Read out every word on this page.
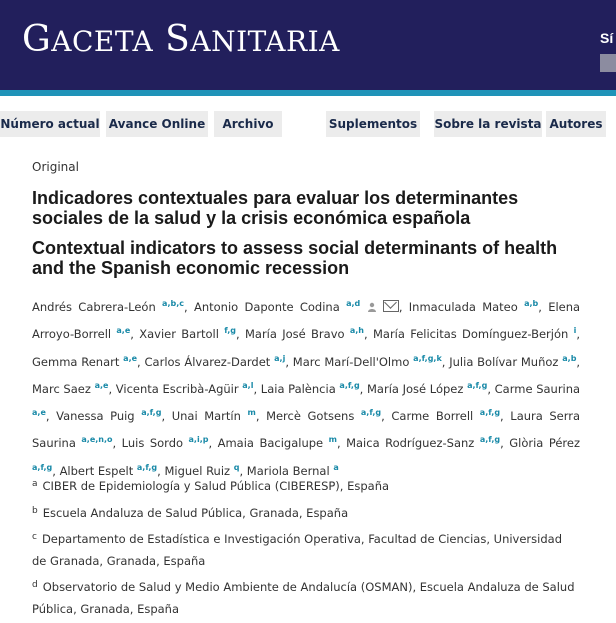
GACETA SANITARIA	Sí
Número actual Avance Online	Archivo	Suplementos Sobre la revista Autores
Original
Indicadores contextuales para evaluar los determinantes sociales de la salud y la crisis económica española
Contextual indicators to assess social determinants of health and the Spanish economic recession
Andrés Cabrera-León $^{a,b,c}$, Antonio Daponte Codina $^{a,d}$	, Inmaculada Mateo $^{a,b}$, Elena Arroyo-Borrell $^{a,e}$, Xavier Bartoll $^{f,g}$, María José Bravo $^{a,h}$, María Felicitas Domínguez-Berjón $^i$, Gemma Renart $^{a,e}$, Carlos Álvarez-Dardet $^{a,j}$, Marc Marí-Dell'Olmo $^{a,f,g,k}$, Julia Bolívar Muñoz $^{a,b}$, Marc Saez $^{a,e}$, Vicenta Escribà-Agüir $^{a,l}$, Laia Palència $^{a,f,g}$, María José López $^{a,f,g}$, Carme Saurina $^{a,e}$, Vanessa Puig $^{a,f,g}$, Unai Martín $^m$, Mercè Gotsens $^{a,f,g}$, Carme Borrell $^{a,f,g}$, Laura Serra Saurina $^{a,e,n,o}$, Luis Sordo $^{a,i,p}$, Amaia Bacigalupe $^m$, Maica Rodríguez-Sanz $^{a,f,g}$, Glòria Pérez $^{a,f,g}$, Albert Espelt $^{a,f,g}$, Miguel Ruiz $^q$, Mariola Bernal $^a$
$^a$ CIBER de Epidemiología y Salud Pública (CIBERESP), España
$^b$ Escuela Andaluza de Salud Pública, Granada, España
$^c$ Departamento de Estadística e Investigación Operativa, Facultad de Ciencias, Universidad de Granada, Granada, España
$^d$ Observatorio de Salud y Medio Ambiente de Andalucía (OSMAN), Escuela Andaluza de Salud Pública, Granada, España
